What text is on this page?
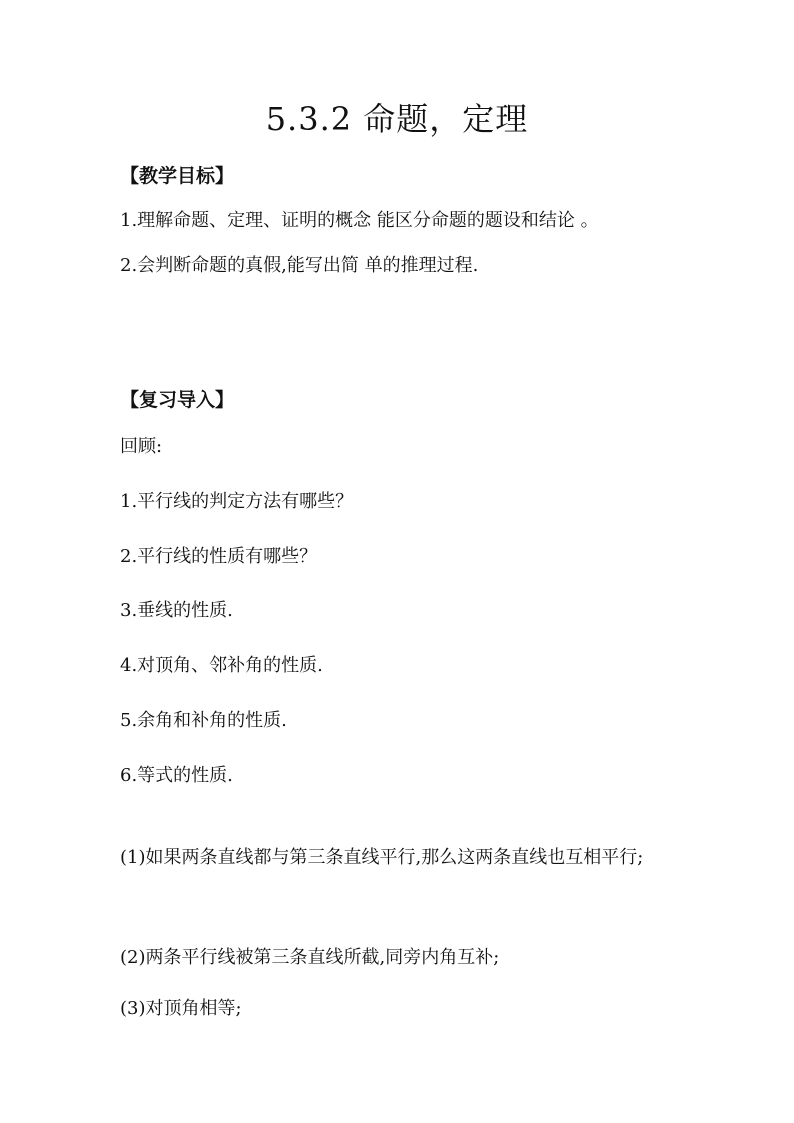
5.3.2 命题，定理

【教学目标】

1.理解命题、定理、证明的概念 能区分命题的题设和结论 。

2.会判断命题的真假,能写出简 单的推理过程.

【复习导入】

回顾:

1.平行线的判定方法有哪些？

2.平行线的性质有哪些？

3.垂线的性质.

4.对顶角、邻补角的性质.

5.余角和补角的性质.

6.等式的性质.

(1)如果两条直线都与第三条直线平行,那么这两条直线也互相平行;

(2)两条平行线被第三条直线所截,同旁内角互补;

(3)对顶角相等;
